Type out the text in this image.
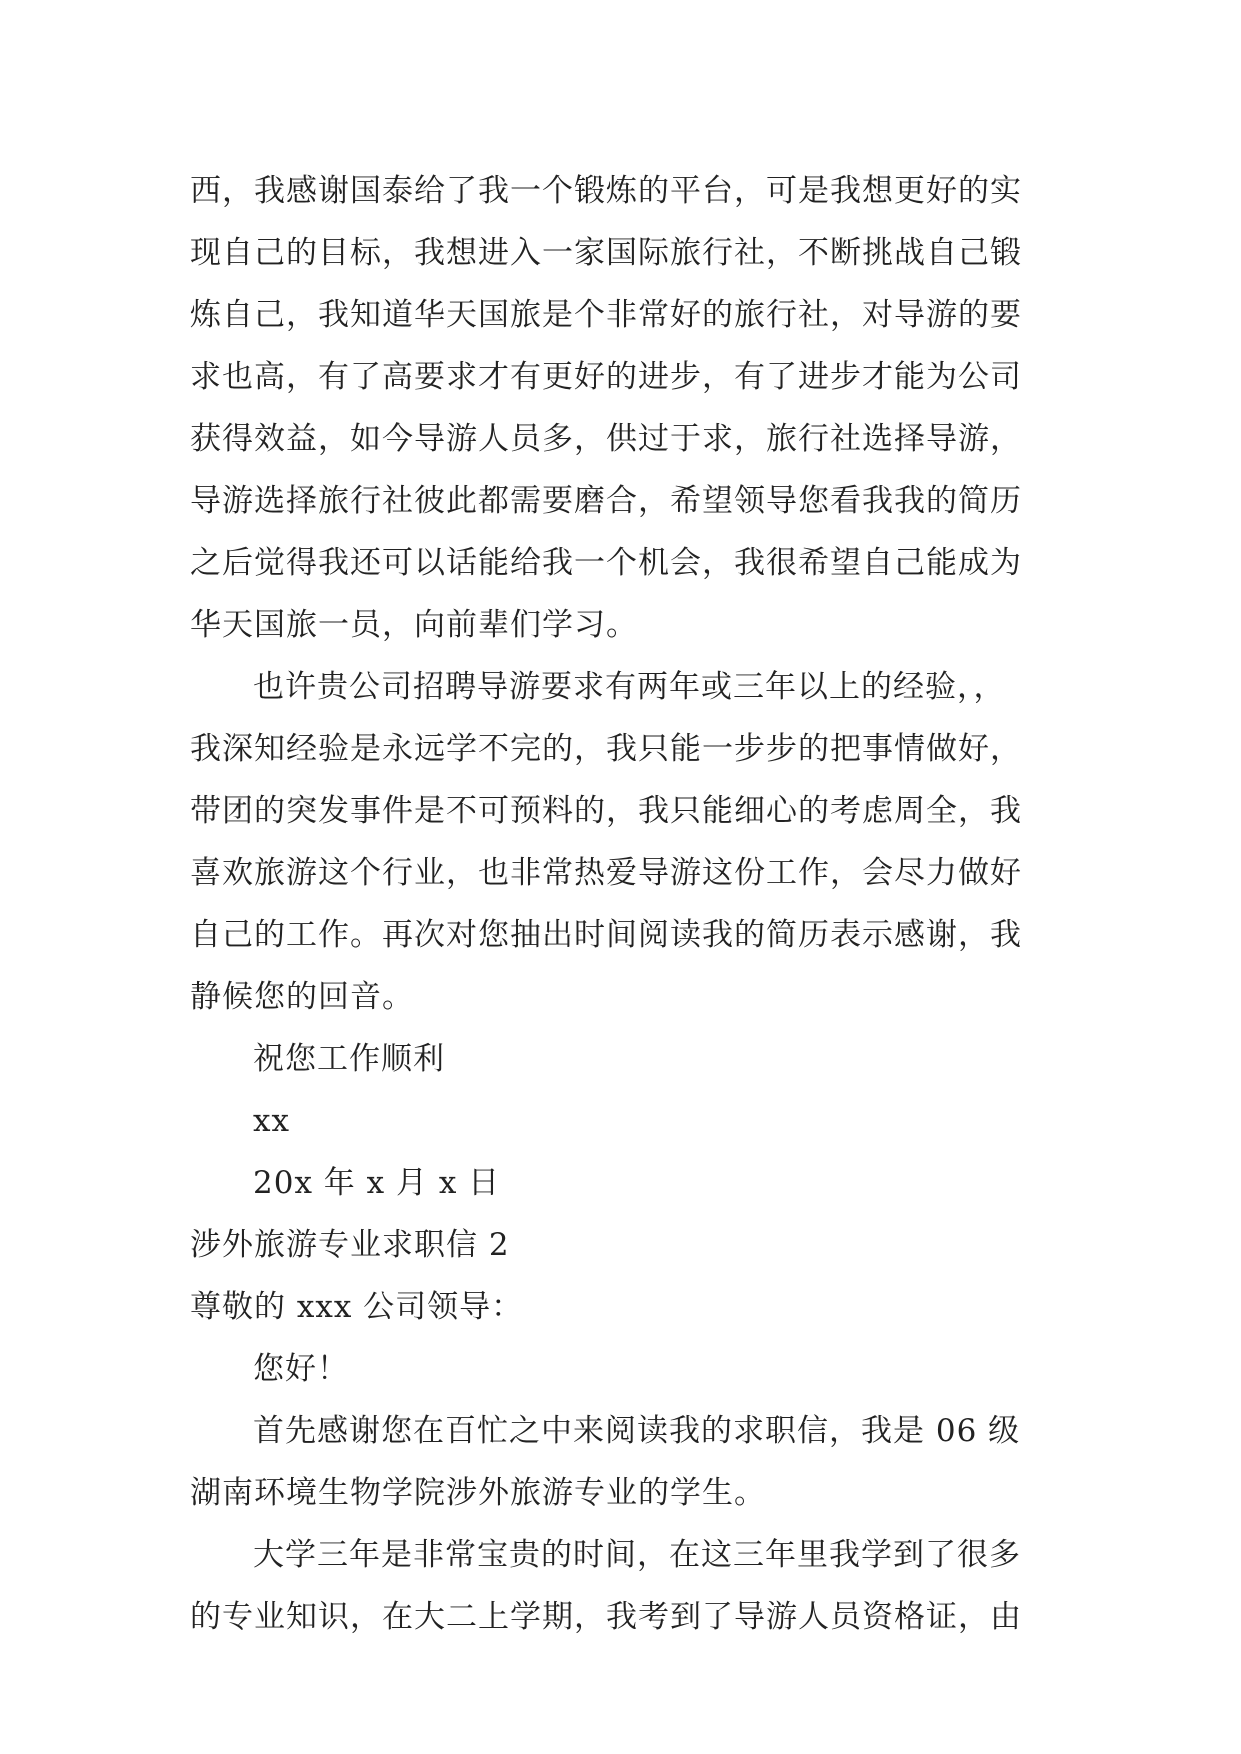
西，我感谢国泰给了我一个锻炼的平台，可是我想更好的实
现自己的目标，我想进入一家国际旅行社，不断挑战自己锻
炼自己，我知道华天国旅是个非常好的旅行社，对导游的要
求也高，有了高要求才有更好的进步，有了进步才能为公司
获得效益，如今导游人员多，供过于求，旅行社选择导游，
导游选择旅行社彼此都需要磨合，希望领导您看我我的简历
之后觉得我还可以话能给我一个机会，我很希望自己能成为
华天国旅一员，向前辈们学习。
也许贵公司招聘导游要求有两年或三年以上的经验，，
我深知经验是永远学不完的，我只能一步步的把事情做好，
带团的突发事件是不可预料的，我只能细心的考虑周全，我
喜欢旅游这个行业，也非常热爱导游这份工作，会尽力做好
自己的工作。再次对您抽出时间阅读我的简历表示感谢，我
静候您的回音。
祝您工作顺利
xx
20x 年 x 月 x 日
涉外旅游专业求职信 2
尊敬的 xxx 公司领导：
您好！
首先感谢您在百忙之中来阅读我的求职信，我是 06 级
湖南环境生物学院涉外旅游专业的学生。
大学三年是非常宝贵的时间，在这三年里我学到了很多
的专业知识，在大二上学期，我考到了导游人员资格证，由
